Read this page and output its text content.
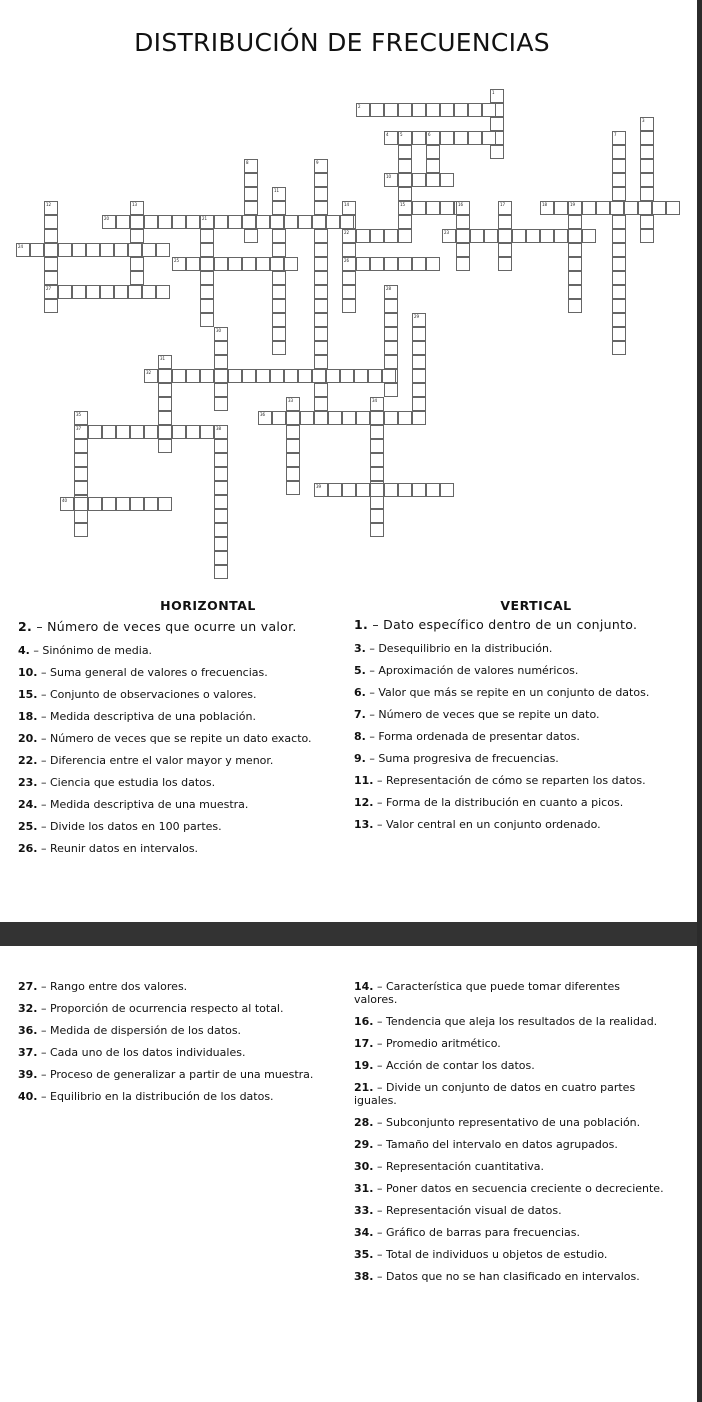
DISTRIBUCIÓN DE FRECUENCIAS
1
2
3
4	5	6	7
8	9
10
11
12	13	14	15	16	17	18	19
20	21
22	23
24
25	26
27	28
29
30
31
32
33	34
35	36
37	38
39
40
HORIZONTAL	VERTICAL
2. – Número de veces que ocurre un valor.
4. – Sinónimo de media.
10. – Suma general de valores o frecuencias.
15. – Conjunto de observaciones o valores.
18. – Medida descriptiva de una población.
20. – Número de veces que se repite un dato exacto.
22. – Diferencia entre el valor mayor y menor.
23. – Ciencia que estudia los datos.
24. – Medida descriptiva de una muestra.
25. – Divide los datos en 100 partes.
26. – Reunir datos en intervalos.
1. – Dato específico dentro de un conjunto.
3. – Desequilibrio en la distribución.
5. – Aproximación de valores numéricos.
6. – Valor que más se repite en un conjunto de datos.
7. – Número de veces que se repite un dato.
8. – Forma ordenada de presentar datos.
9. – Suma progresiva de frecuencias.
11. – Representación de cómo se reparten los datos.
12. – Forma de la distribución en cuanto a picos.
13. – Valor central en un conjunto ordenado.
27. – Rango entre dos valores.
32. – Proporción de ocurrencia respecto al total.
36. – Medida de dispersión de los datos.
37. – Cada uno de los datos individuales.
39. – Proceso de generalizar a partir de una muestra.
40. – Equilibrio en la distribución de los datos.
14. – Característica que puede tomar diferentes valores.
16. – Tendencia que aleja los resultados de la realidad.
17. – Promedio aritmético.
19. – Acción de contar los datos.
21. – Divide un conjunto de datos en cuatro partes iguales.
28. – Subconjunto representativo de una población.
29. – Tamaño del intervalo en datos agrupados.
30. – Representación cuantitativa.
31. – Poner datos en secuencia creciente o decreciente.
33. – Representación visual de datos.
34. – Gráfico de barras para frecuencias.
35. – Total de individuos u objetos de estudio.
38. – Datos que no se han clasificado en intervalos.
